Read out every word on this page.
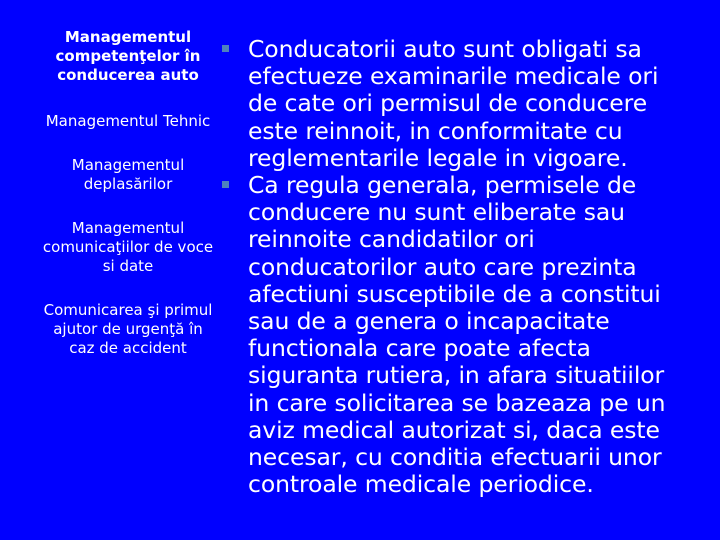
Managementul competenţelor în conducerea auto
Managementul Tehnic
Managementul deplasărilor
Managementul comunicaţiilor de voce si date
Comunicarea şi primul ajutor de urgenţă în caz de accident
Conducatorii auto sunt obligati sa efectueze examinarile medicale ori de cate ori permisul de conducere este reinnoit, in conformitate cu reglementarile legale in vigoare.
Ca regula generala, permisele de conducere nu sunt eliberate sau reinnoite candidatilor ori conducatorilor auto care prezinta afectiuni susceptibile de a constitui sau de a genera o incapacitate functionala care poate afecta siguranta rutiera, in afara situatiilor in care solicitarea se bazeaza pe un aviz medical autorizat si, daca este necesar, cu conditia efectuarii unor controale medicale periodice.
